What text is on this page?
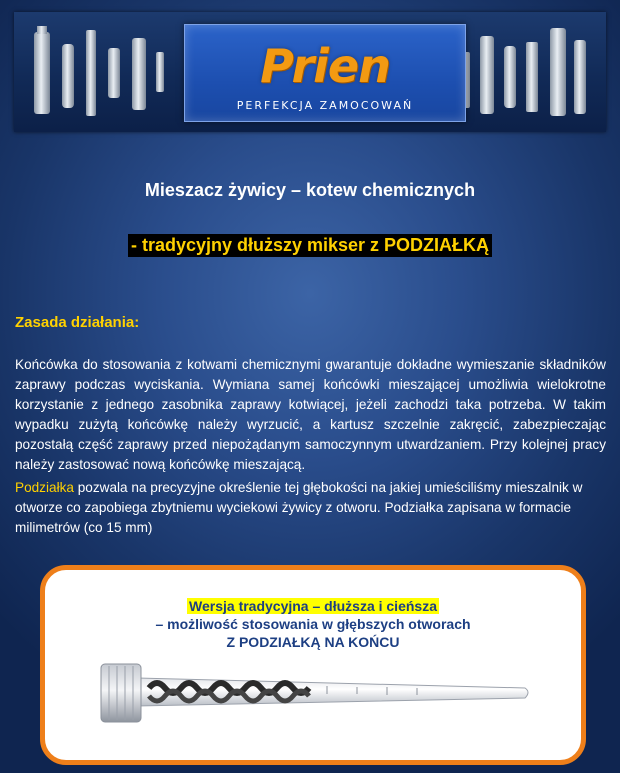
Prien
PERFEKCJA ZAMOCOWAŃ
Mieszacz żywicy – kotew chemicznych
- tradycyjny dłuższy mikser z PODZIAŁKĄ
Zasada działania:
Końcówka do stosowania z kotwami chemicznymi gwarantuje dokładne wymieszanie składników zaprawy podczas wyciskania. Wymiana samej końcówki mieszającej umożliwia wielokrotne korzystanie z jednego zasobnika zaprawy kotwiącej, jeżeli zachodzi taka potrzeba. W takim wypadku zużytą końcówkę należy wyrzucić, a kartusz szczelnie zakręcić, zabezpieczając pozostałą część zaprawy przed niepożądanym samoczynnym utwardzaniem. Przy kolejnej pracy należy zastosować nową końcówkę mieszającą.
Podziałka pozwala na precyzyjne określenie tej głębokości na jakiej umieściliśmy mieszalnik w otworze co zapobiega zbytniemu wyciekowi żywicy z otworu. Podziałka zapisana w formacie milimetrów (co 15 mm)
Wersja tradycyjna – dłuższa i cieńsza
– możliwość stosowania w głębszych otworach
Z PODZIAŁKĄ NA KOŃCU
